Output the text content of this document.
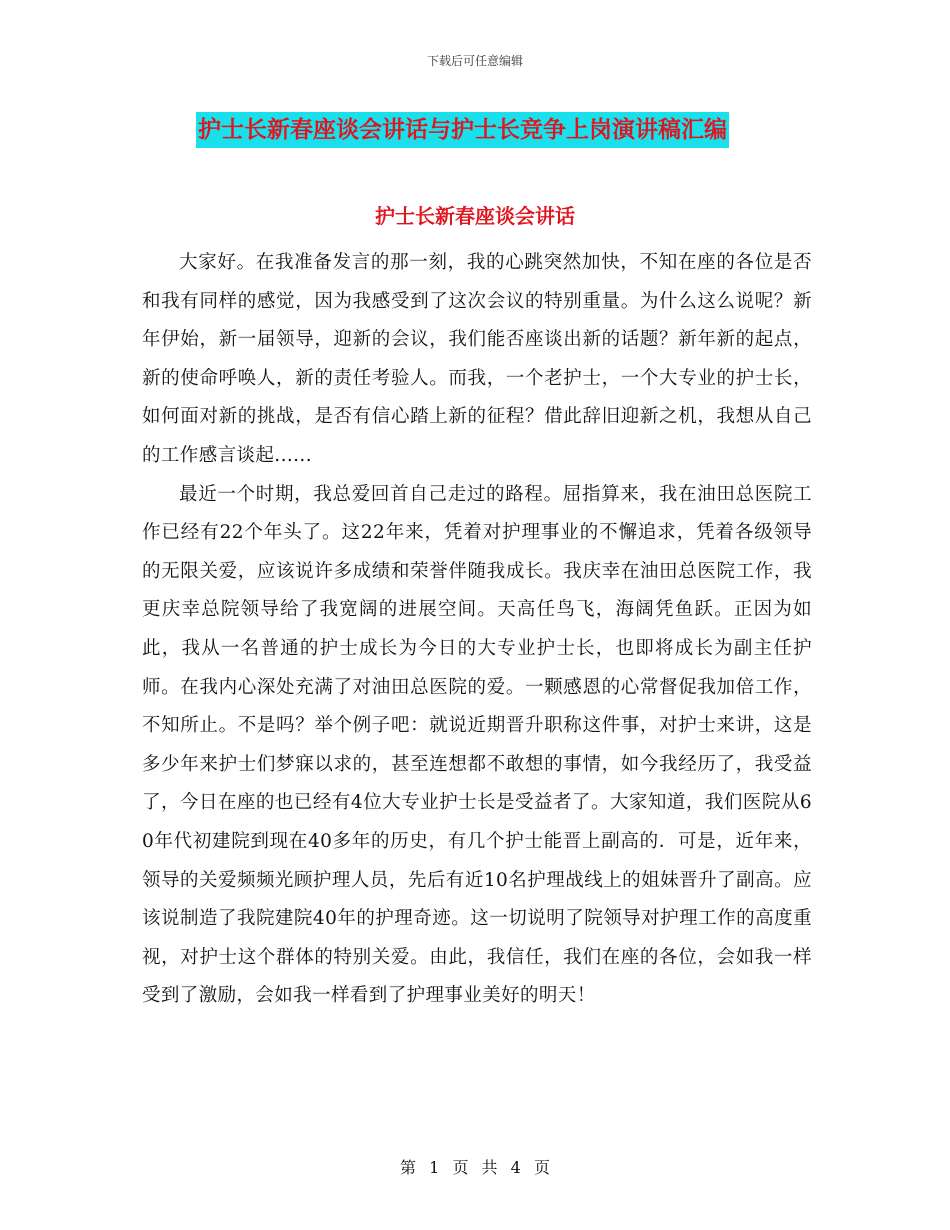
下载后可任意编辑
护士长新春座谈会讲话与护士长竞争上岗演讲稿汇编
护士长新春座谈会讲话

大家好。在我准备发言的那一刻，我的心跳突然加快，不知在座的各位是否和我有同样的感觉，因为我感受到了这次会议的特别重量。为什么这么说呢？新年伊始，新一届领导，迎新的会议，我们能否座谈出新的话题？新年新的起点，新的使命呼唤人，新的责任考验人。而我，一个老护士，一个大专业的护士长，如何面对新的挑战，是否有信心踏上新的征程？借此辞旧迎新之机，我想从自己的工作感言谈起......

最近一个时期，我总爱回首自己走过的路程。屈指算来，我在油田总医院工作已经有22个年头了。这22年来，凭着对护理事业的不懈追求，凭着各级领导的无限关爱，应该说许多成绩和荣誉伴随我成长。我庆幸在油田总医院工作，我更庆幸总院领导给了我宽阔的进展空间。天高任鸟飞，海阔凭鱼跃。正因为如此，我从一名普通的护士成长为今日的大专业护士长，也即将成长为副主任护师。在我内心深处充满了对油田总医院的爱。一颗感恩的心常督促我加倍工作，不知所止。不是吗？举个例子吧：就说近期晋升职称这件事，对护士来讲，这是多少年来护士们梦寐以求的，甚至连想都不敢想的事情，如今我经历了，我受益了，今日在座的也已经有4位大专业护士长是受益者了。大家知道，我们医院从60年代初建院到现在40多年的历史，有几个护士能晋上副高的．可是，近年来，领导的关爱频频光顾护理人员，先后有近10名护理战线上的姐妹晋升了副高。应该说制造了我院建院40年的护理奇迹。这一切说明了院领导对护理工作的高度重视，对护士这个群体的特别关爱。由此，我信任，我们在座的各位，会如我一样受到了激励，会如我一样看到了护理事业美好的明天！

第 1 页 共 4 页
